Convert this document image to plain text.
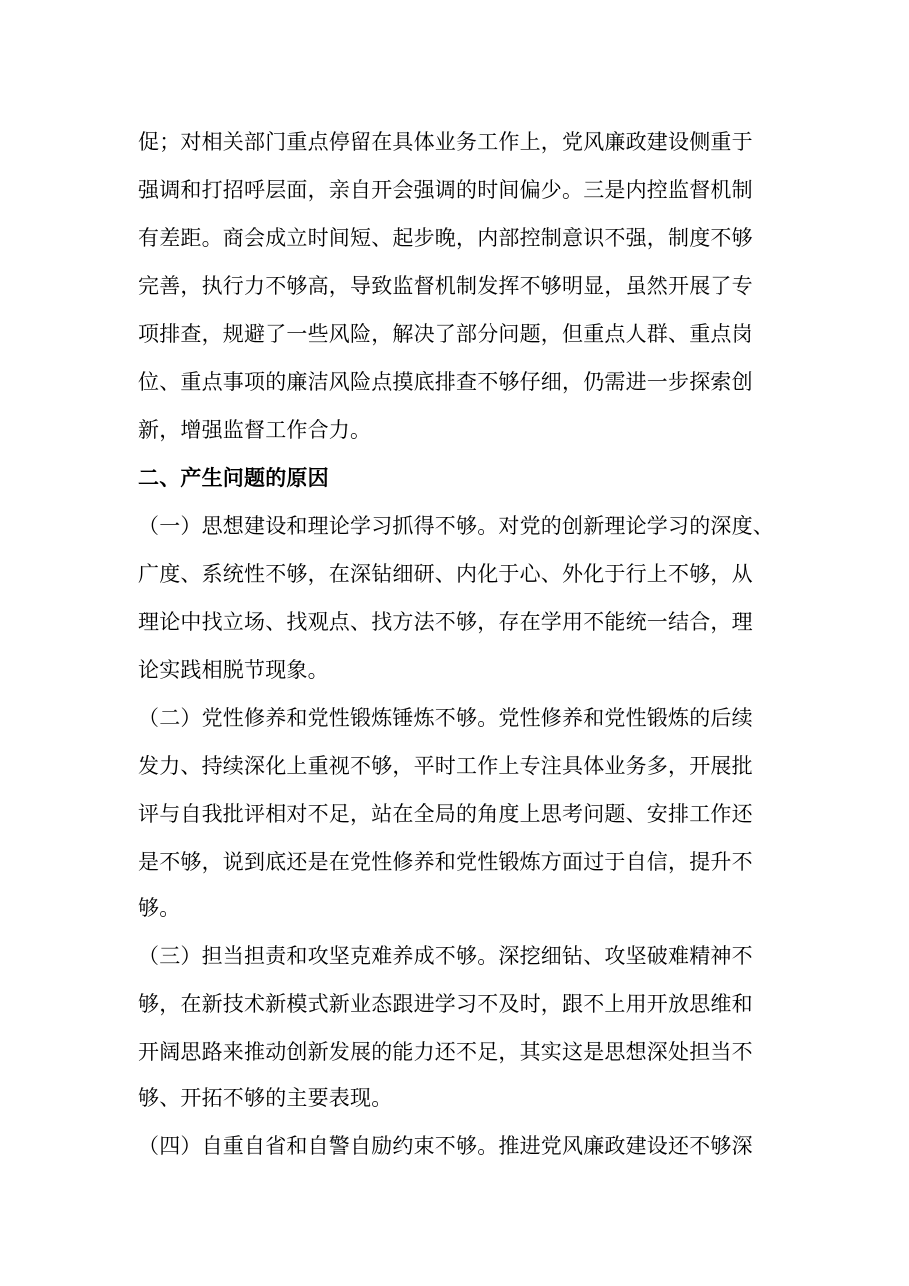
促；对相关部门重点停留在具体业务工作上，党风廉政建设侧重于
强调和打招呼层面，亲自开会强调的时间偏少。三是内控监督机制
有差距。商会成立时间短、起步晚，内部控制意识不强，制度不够
完善，执行力不够高，导致监督机制发挥不够明显，虽然开展了专
项排查，规避了一些风险，解决了部分问题，但重点人群、重点岗
位、重点事项的廉洁风险点摸底排查不够仔细，仍需进一步探索创
新，增强监督工作合力。
二、产生问题的原因
（一）思想建设和理论学习抓得不够。对党的创新理论学习的深度、
广度、系统性不够，在深钻细研、内化于心、外化于行上不够，从
理论中找立场、找观点、找方法不够，存在学用不能统一结合，理
论实践相脱节现象。
（二）党性修养和党性锻炼锤炼不够。党性修养和党性锻炼的后续
发力、持续深化上重视不够，平时工作上专注具体业务多，开展批
评与自我批评相对不足，站在全局的角度上思考问题、安排工作还
是不够，说到底还是在党性修养和党性锻炼方面过于自信，提升不
够。
（三）担当担责和攻坚克难养成不够。深挖细钻、攻坚破难精神不
够，在新技术新模式新业态跟进学习不及时，跟不上用开放思维和
开阔思路来推动创新发展的能力还不足，其实这是思想深处担当不
够、开拓不够的主要表现。
（四）自重自省和自警自励约束不够。推进党风廉政建设还不够深
